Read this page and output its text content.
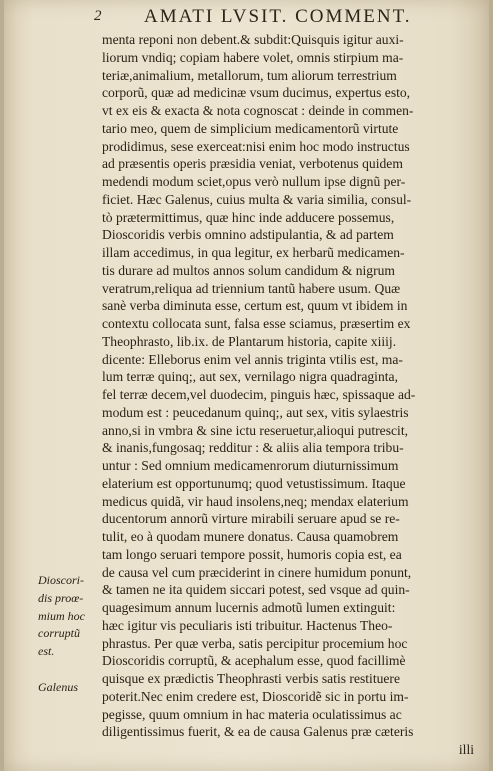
2 AMATI LVSIT. COMMENT.
menta reponi non debent.& subdit:Quisquis igitur auxi-
liorum vndiq; copiam habere volet, omnis stirpium ma-
teriæ,animalium, metallorum, tum aliorum terrestrium
corporũ, quæ ad medicinæ vsum ducimus, expertus esto,
vt ex eis & exacta & nota cognoscat : deinde in commen-
tario meo, quem de simplicium medicamentorũ virtute
prodidimus, sese exerceat:nisi enim hoc modo instructus
ad præsentis operis præsidia veniat, verbotenus quidem
medendi modum sciet,opus verò nullum ipse dignũ per-
ficiet. Hæc Galenus, cuius multa & varia similia, consul-
tò prætermittimus, quæ hinc inde adducere possemus,
Dioscoridis verbis omnino adstipulantia, & ad partem
illam accedimus, in qua legitur, ex herbarũ medicamen-
tis durare ad multos annos solum candidum & nigrum
veratrum,reliqua ad triennium tantũ habere usum. Quæ
sanè verba diminuta esse, certum est, quum vt ibidem in
contextu collocata sunt, falsa esse sciamus, præsertim ex
Theophrasto, lib.ix. de Plantarum historia, capite xiiij.
dicente: Elleborus enim vel annis triginta vtilis est, ma-
lum terræ quinq;, aut sex, vernilago nigra quadraginta,
fel terræ decem,vel duodecim, pinguis hæc, spissaque ad-
modum est : peucedanum quinq;, aut sex, vitis sylaestris
anno,si in vmbra & sine ictu reseruetur,alioqui putrescit,
& inanis,fungosaq; redditur : & aliis alia tempora tribu-
untur : Sed omnium medicamenrorum diuturnissimum
elaterium est opportunumq; quod vetustissimum. Itaque
medicus quidã, vir haud insolens,neq; mendax elaterium
ducentorum annorũ virture mirabili seruare apud se re-
tulit, eo à quodam munere donatus. Causa quamobrem
tam longo seruari tempore possit, humoris copia est, ea
de causa vel cum præciderint in cinere humidum ponunt,
& tamen ne ita quidem siccari potest, sed vsque ad quin-
quagesimum annum lucernis admotũ lumen extinguit:
hæc igitur vis peculiaris isti tribuitur. Hactenus Theo-
phrastus. Per quæ verba, satis percipitur procemium hoc
Dioscoridis corruptũ, & acephalum esse, quod facillimè
quisque ex prædictis Theophrasti verbis satis restituere
poterit.Nec enim credere est, Dioscoridẽ sic in portu im-
pegisse, quum omnium in hac materia oculatissimus ac
diligentissimus fuerit, & ea de causa Galenus præ cæteris
illi
Dioscori-
dis proœ-
mium hoc
corruptũ
est.
Galenus
